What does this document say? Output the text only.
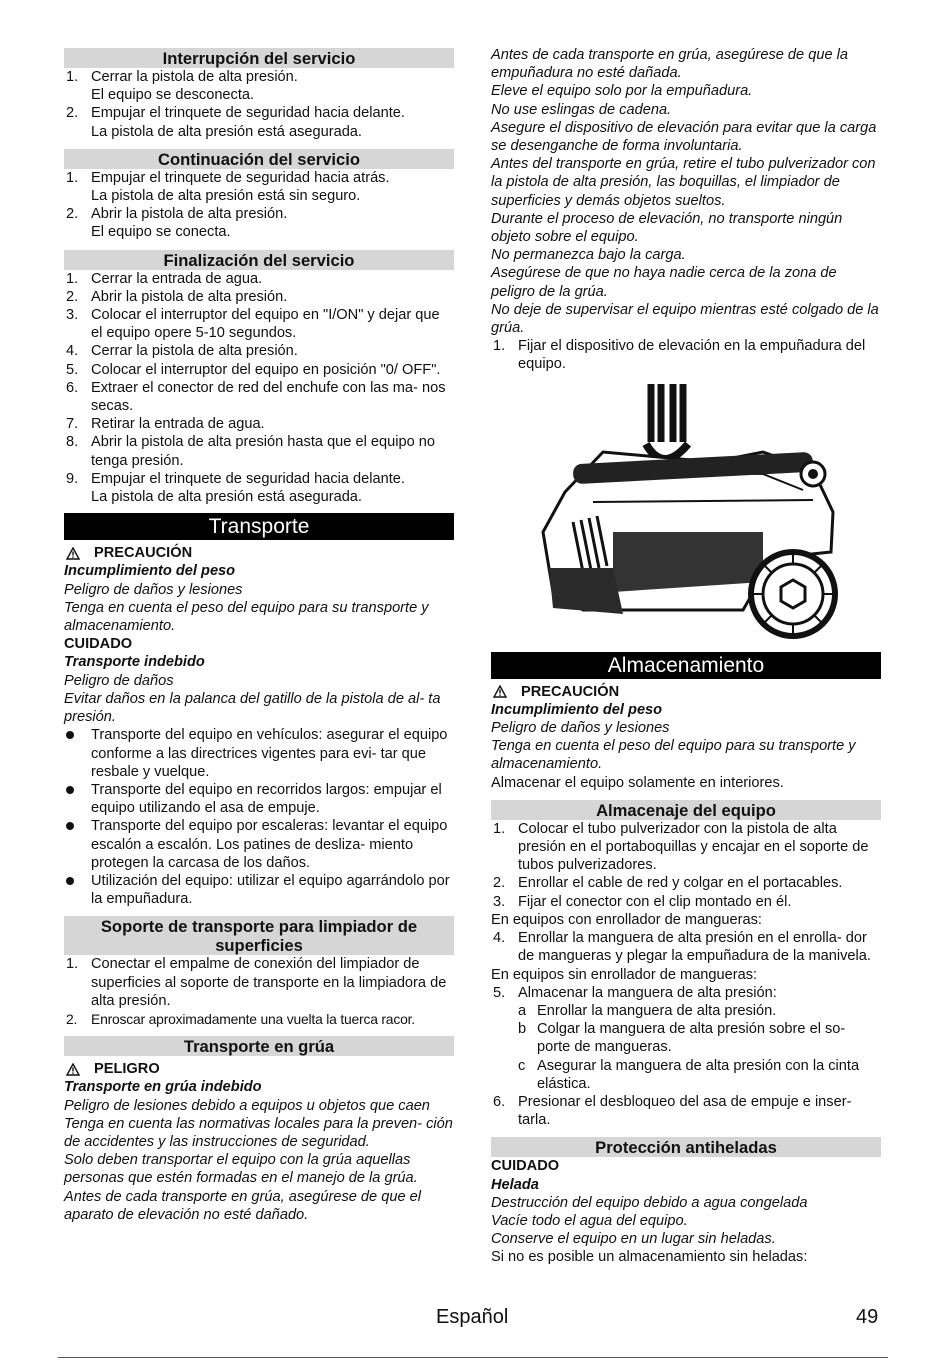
Interrupción del servicio
1. Cerrar la pistola de alta presión.
El equipo se desconecta.
2. Empujar el trinquete de seguridad hacia delante.
La pistola de alta presión está asegurada.
Continuación del servicio
1. Empujar el trinquete de seguridad hacia atrás.
La pistola de alta presión está sin seguro.
2. Abrir la pistola de alta presión.
El equipo se conecta.
Finalización del servicio
1. Cerrar la entrada de agua.
2. Abrir la pistola de alta presión.
3. Colocar el interruptor del equipo en "I/ON" y dejar que el equipo opere 5-10 segundos.
4. Cerrar la pistola de alta presión.
5. Colocar el interruptor del equipo en posición "0/ OFF".
6. Extraer el conector de red del enchufe con las ma- nos secas.
7. Retirar la entrada de agua.
8. Abrir la pistola de alta presión hasta que el equipo no tenga presión.
9. Empujar el trinquete de seguridad hacia delante.
La pistola de alta presión está asegurada.
Transporte
PRECAUCIÓN
Incumplimiento del peso
Peligro de daños y lesiones
Tenga en cuenta el peso del equipo para su transporte y almacenamiento.
CUIDADO
Transporte indebido
Peligro de daños
Evitar daños en la palanca del gatillo de la pistola de al- ta presión.
Transporte del equipo en vehículos: asegurar el equipo conforme a las directrices vigentes para evi- tar que resbale y vuelque.
Transporte del equipo en recorridos largos: empujar el equipo utilizando el asa de empuje.
Transporte del equipo por escaleras: levantar el equipo escalón a escalón. Los patines de desliza- miento protegen la carcasa de los daños.
Utilización del equipo: utilizar el equipo agarrándolo por la empuñadura.
Soporte de transporte para limpiador de superficies
1. Conectar el empalme de conexión del limpiador de superficies al soporte de transporte en la limpiadora de alta presión.
2. Enroscar aproximadamente una vuelta la tuerca racor.
Transporte en grúa
PELIGRO
Transporte en grúa indebido
Peligro de lesiones debido a equipos u objetos que caen
Tenga en cuenta las normativas locales para la preven- ción de accidentes y las instrucciones de seguridad.
Solo deben transportar el equipo con la grúa aquellas personas que estén formadas en el manejo de la grúa.
Antes de cada transporte en grúa, asegúrese de que el aparato de elevación no esté dañado.
Antes de cada transporte en grúa, asegúrese de que la empuñadura no esté dañada.
Eleve el equipo solo por la empuñadura.
No use eslingas de cadena.
Asegure el dispositivo de elevación para evitar que la carga se desenganche de forma involuntaria.
Antes del transporte en grúa, retire el tubo pulverizador con la pistola de alta presión, las boquillas, el limpiador de superficies y demás objetos sueltos.
Durante el proceso de elevación, no transporte ningún objeto sobre el equipo.
No permanezca bajo la carga.
Asegúrese de que no haya nadie cerca de la zona de peligro de la grúa.
No deje de supervisar el equipo mientras esté colgado de la grúa.
1. Fijar el dispositivo de elevación en la empuñadura del equipo.
Almacenamiento
PRECAUCIÓN
Incumplimiento del peso
Peligro de daños y lesiones
Tenga en cuenta el peso del equipo para su transporte y almacenamiento.
Almacenar el equipo solamente en interiores.
Almacenaje del equipo
1. Colocar el tubo pulverizador con la pistola de alta presión en el portaboquillas y encajar en el soporte de tubos pulverizadores.
2. Enrollar el cable de red y colgar en el portacables.
3. Fijar el conector con el clip montado en él.
En equipos con enrollador de mangueras:
4. Enrollar la manguera de alta presión en el enrolla- dor de mangueras y plegar la empuñadura de la manivela.
En equipos sin enrollador de mangueras:
5. Almacenar la manguera de alta presión:
a Enrollar la manguera de alta presión.
b Colgar la manguera de alta presión sobre el so- porte de mangueras.
c Asegurar la manguera de alta presión con la cinta elástica.
6. Presionar el desbloqueo del asa de empuje e inser- tarla.
Protección antiheladas
CUIDADO
Helada
Destrucción del equipo debido a agua congelada
Vacíe todo el agua del equipo.
Conserve el equipo en un lugar sin heladas.
Si no es posible un almacenamiento sin heladas:
Español	49
